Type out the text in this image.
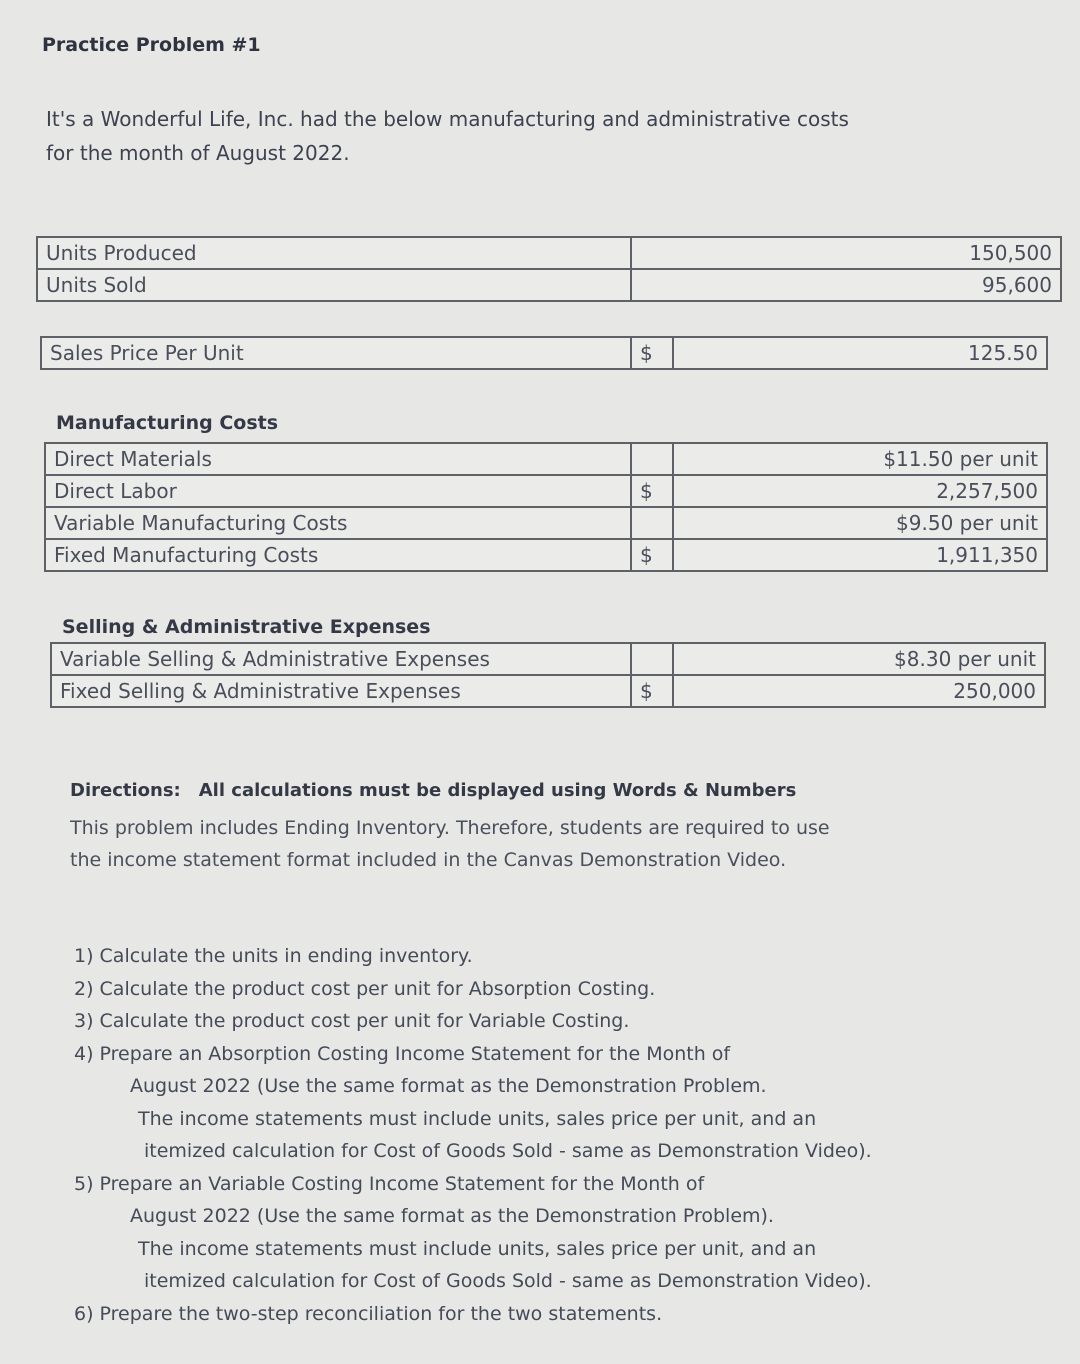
Practice Problem #1
It's a Wonderful Life, Inc. had the below manufacturing and administrative costs
for the month of August 2022.
Units Produced	150,500
Units Sold	95,600
Sales Price Per Unit	$	125.50
Manufacturing Costs
Direct Materials		$11.50 per unit
Direct Labor	$	2,257,500
Variable Manufacturing Costs		$9.50 per unit
Fixed Manufacturing Costs	$	1,911,350
Selling & Administrative Expenses
Variable Selling & Administrative Expenses		$8.30 per unit
Fixed Selling & Administrative Expenses	$	250,000
Directions: All calculations must be displayed using Words & Numbers
This problem includes Ending Inventory. Therefore, students are required to use
the income statement format included in the Canvas Demonstration Video.
1) Calculate the units in ending inventory.
2) Calculate the product cost per unit for Absorption Costing.
3) Calculate the product cost per unit for Variable Costing.
4) Prepare an Absorption Costing Income Statement for the Month of
August 2022 (Use the same format as the Demonstration Problem.
The income statements must include units, sales price per unit, and an
itemized calculation for Cost of Goods Sold - same as Demonstration Video).
5) Prepare an Variable Costing Income Statement for the Month of
August 2022 (Use the same format as the Demonstration Problem).
The income statements must include units, sales price per unit, and an
itemized calculation for Cost of Goods Sold - same as Demonstration Video).
6) Prepare the two-step reconciliation for the two statements.
